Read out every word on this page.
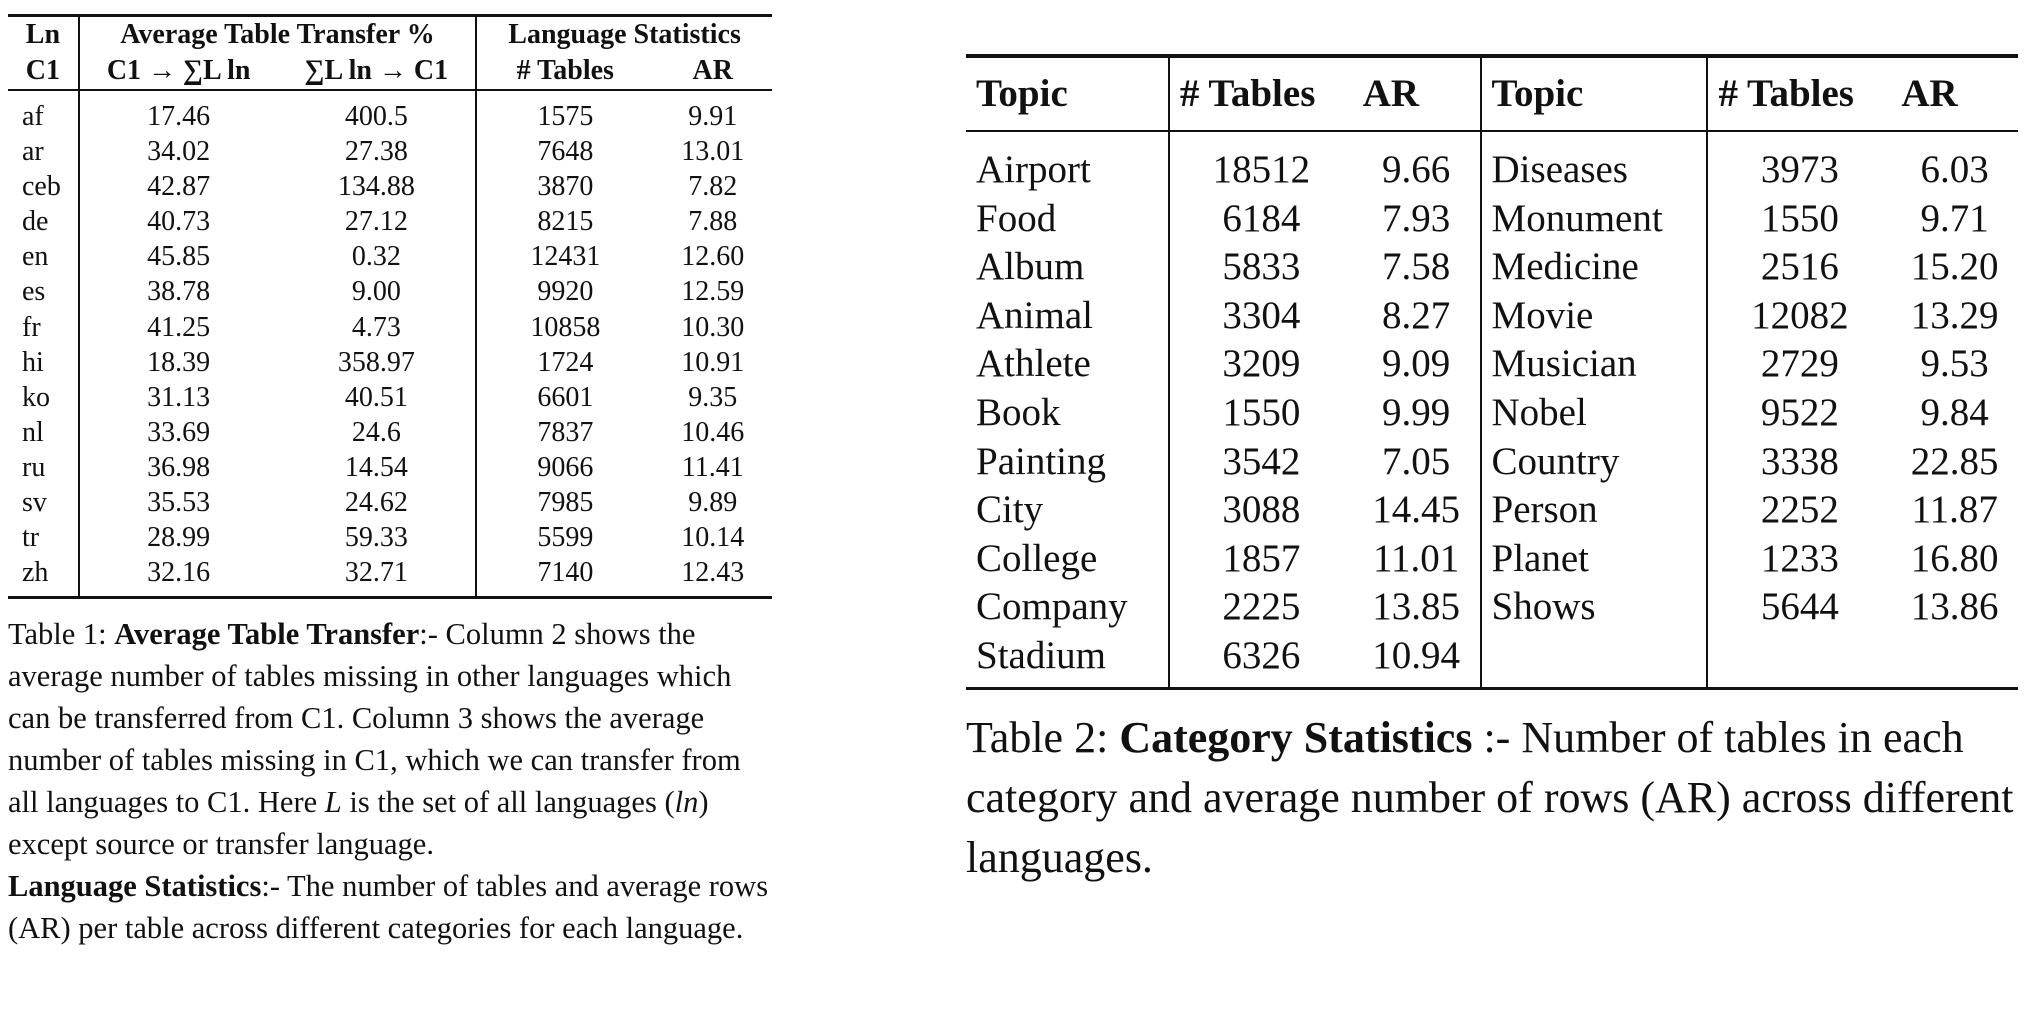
Ln	Average Table Transfer %		Language Statistics	
C1	C1 → ∑L ln	∑L ln → C1	# Tables	AR
af	17.46	400.5	1575	9.91
ar	34.02	27.38	7648	13.01
ceb	42.87	134.88	3870	7.82
de	40.73	27.12	8215	7.88
en	45.85	0.32	12431	12.60
es	38.78	9.00	9920	12.59
fr	41.25	4.73	10858	10.30
hi	18.39	358.97	1724	10.91
ko	31.13	40.51	6601	9.35
nl	33.69	24.6	7837	10.46
ru	36.98	14.54	9066	11.41
sv	35.53	24.62	7985	9.89
tr	28.99	59.33	5599	10.14
zh	32.16	32.71	7140	12.43
Table 1: Average Table Transfer:- Column 2 shows the average number of tables missing in other languages which can be transferred from C1. Column 3 shows the average number of tables missing in C1, which we can transfer from all languages to C1. Here L is the set of all languages (ln) except source or transfer language.
Language Statistics:- The number of tables and average rows (AR) per table across different categories for each language.
Topic	# Tables	AR	Topic	# Tables	AR
Airport	18512	9.66	Diseases	3973	6.03
Food	6184	7.93	Monument	1550	9.71
Album	5833	7.58	Medicine	2516	15.20
Animal	3304	8.27	Movie	12082	13.29
Athlete	3209	9.09	Musician	2729	9.53
Book	1550	9.99	Nobel	9522	9.84
Painting	3542	7.05	Country	3338	22.85
City	3088	14.45	Person	2252	11.87
College	1857	11.01	Planet	1233	16.80
Company	2225	13.85	Shows	5644	13.86
Stadium	6326	10.94			
Table 2: Category Statistics :- Number of tables in each category and average number of rows (AR) across different languages.
